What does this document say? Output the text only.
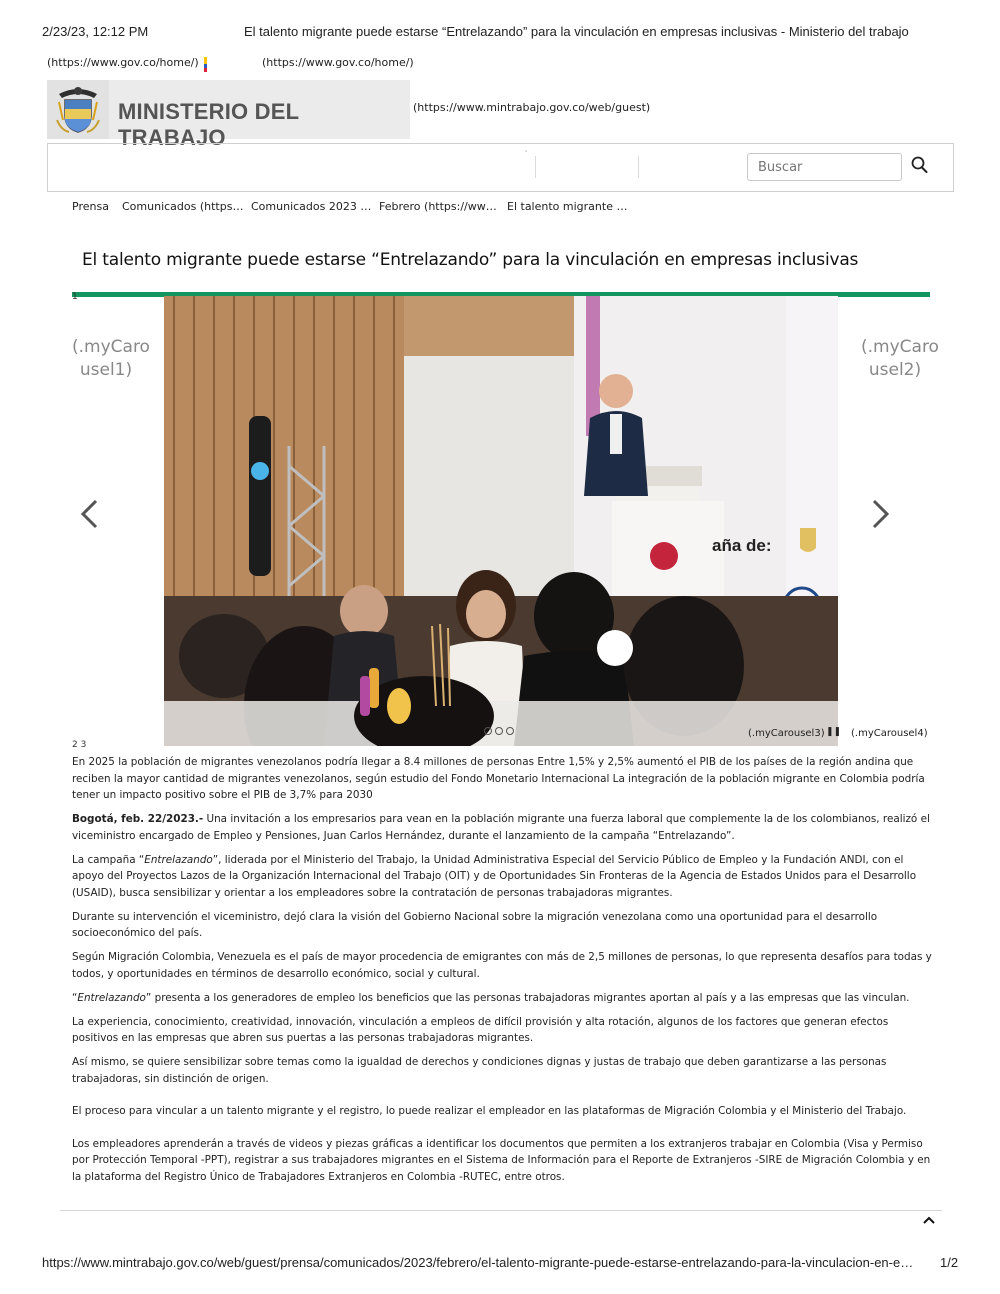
2/23/23, 12:12 PM	El talento migrante puede estarse “Entrelazando” para la vinculación en empresas inclusivas - Ministerio del trabajo
(https://www.gov.co/home/)	(https://www.gov.co/home/)
MINISTERIO DEL TRABAJO
(https://www.mintrabajo.gov.co/web/guest)
Buscar
Prensa Comunicados (https… Comunicados 2023 … Febrero (https://ww… El talento migrante …
El talento migrante puede estarse “Entrelazando” para la vinculación en empresas inclusivas
1
(.myCaro
usel1)
(.myCaro
usel2)
aña de:
(.myCarousel3) ❚❚ (.myCarousel4)
2 3

En 2025 la población de migrantes venezolanos podría llegar a 8.4 millones de personas Entre 1,5% y 2,5% aumentó el PIB de los países de la región andina que reciben la mayor cantidad de migrantes venezolanos, según estudio del Fondo Monetario Internacional La integración de la población migrante en Colombia podría tener un impacto positivo sobre el PIB de 3,7% para 2030

Bogotá, feb. 22/2023.- Una invitación a los empresarios para vean en la población migrante una fuerza laboral que complemente la de los colombianos, realizó el viceministro encargado de Empleo y Pensiones, Juan Carlos Hernández, durante el lanzamiento de la campaña “Entrelazando”.

La campaña “Entrelazando”, liderada por el Ministerio del Trabajo, la Unidad Administrativa Especial del Servicio Público de Empleo y la Fundación ANDI, con el apoyo del Proyectos Lazos de la Organización Internacional del Trabajo (OIT) y de Oportunidades Sin Fronteras de la Agencia de Estados Unidos para el Desarrollo (USAID), busca sensibilizar y orientar a los empleadores sobre la contratación de personas trabajadoras migrantes.

Durante su intervención el viceministro, dejó clara la visión del Gobierno Nacional sobre la migración venezolana como una oportunidad para el desarrollo socioeconómico del país.

Según Migración Colombia, Venezuela es el país de mayor procedencia de emigrantes con más de 2,5 millones de personas, lo que representa desafíos para todas y todos, y oportunidades en términos de desarrollo económico, social y cultural.

“Entrelazando” presenta a los generadores de empleo los beneficios que las personas trabajadoras migrantes aportan al país y a las empresas que las vinculan.

La experiencia, conocimiento, creatividad, innovación, vinculación a empleos de difícil provisión y alta rotación, algunos de los factores que generan efectos positivos en las empresas que abren sus puertas a las personas trabajadoras migrantes.

Así mismo, se quiere sensibilizar sobre temas como la igualdad de derechos y condiciones dignas y justas de trabajo que deben garantizarse a las personas trabajadoras, sin distinción de origen.

El proceso para vincular a un talento migrante y el registro, lo puede realizar el empleador en las plataformas de Migración Colombia y el Ministerio del Trabajo.

Los empleadores aprenderán a través de videos y piezas gráficas a identificar los documentos que permiten a los extranjeros trabajar en Colombia (Visa y Permiso por Protección Temporal -PPT), registrar a sus trabajadores migrantes en el Sistema de Información para el Reporte de Extranjeros -SIRE de Migración Colombia y en la plataforma del Registro Único de Trabajadores Extranjeros en Colombia -RUTEC, entre otros.

https://www.mintrabajo.gov.co/web/guest/prensa/comunicados/2023/febrero/el-talento-migrante-puede-estarse-entrelazando-para-la-vinculacion-en-e…	1/2
